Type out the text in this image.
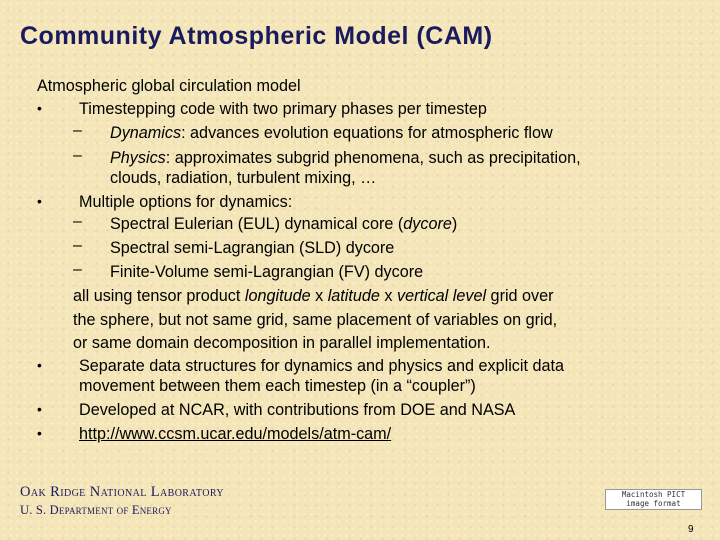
Community Atmospheric Model (CAM)
Atmospheric global circulation model
• Timestepping code with two primary phases per timestep
– Dynamics: advances evolution equations for atmospheric flow
– Physics: approximates subgrid phenomena, such as precipitation,
clouds, radiation, turbulent mixing, …
• Multiple options for dynamics:
– Spectral Eulerian (EUL) dynamical core (dycore)
– Spectral semi-Lagrangian (SLD) dycore
– Finite-Volume semi-Lagrangian (FV) dycore
all using tensor product longitude x latitude x vertical level grid over
the sphere, but not same grid, same placement of variables on grid,
or same domain decomposition in parallel implementation.
• Separate data structures for dynamics and physics and explicit data
movement between them each timestep (in a “coupler”)
• Developed at NCAR, with contributions from DOE and NASA
• http://www.ccsm.ucar.edu/models/atm-cam/
Oak Ridge National Laboratory
U. S. Department of Energy
Macintosh PICT
image format
9
